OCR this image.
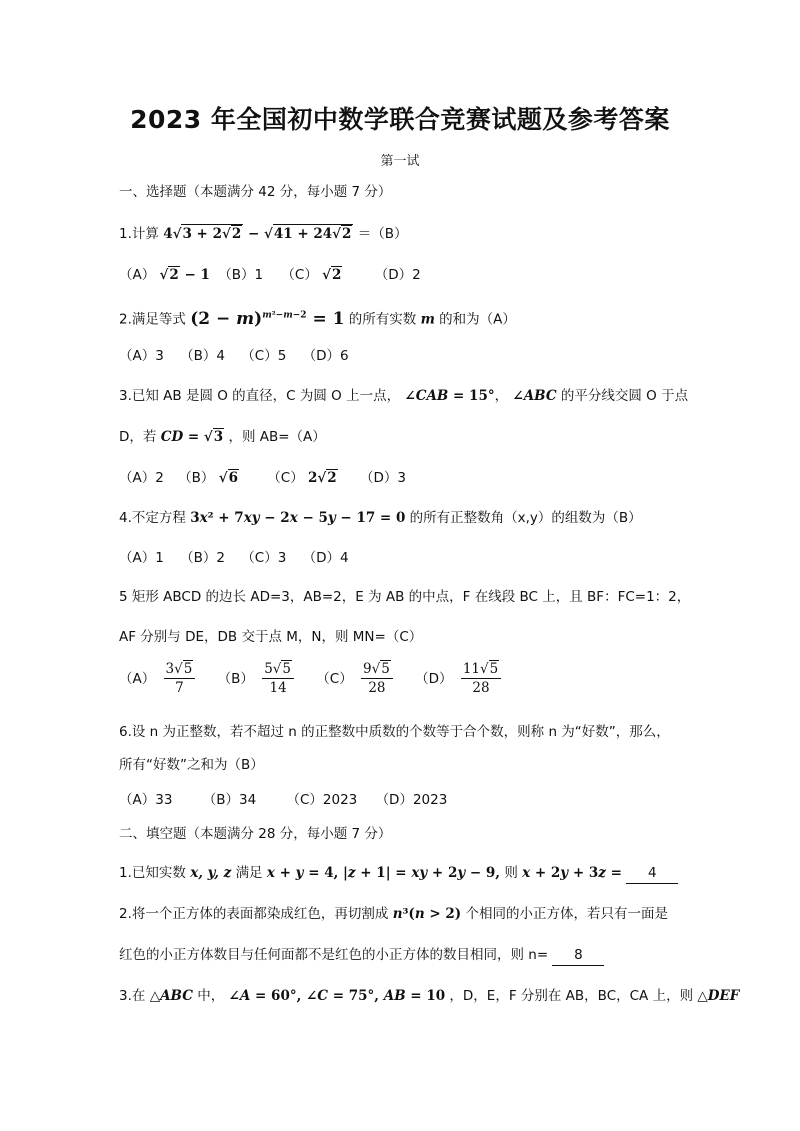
2023 年全国初中数学联合竞赛试题及参考答案
第一试
一、选择题（本题满分 42 分，每小题 7 分）
1.计算 4√3 + 2√2 − √41 + 24√2 ＝（B）
（A） √2 − 1 （B）1 （C） √2 （D）2
2.满足等式 $(2 - m)^{m^2-m-2} = 1$ 的所有实数 m 的和为（A）
（A）3 （B）4 （C）5 （D）6
3.已知 AB 是圆 O 的直径，C 为圆 O 上一点， ∠CAB = 15°， ∠ABC 的平分线交圆 O 于点
D，若 CD = √3 ，则 AB=（A）
（A）2 （B） √6 （C） 2√2 （D）3
4.不定方程 3x² + 7xy − 2x − 5y − 17 = 0 的所有正整数角（x,y）的组数为（B）
（A）1 （B）2 （C）3 （D）4
5 矩形 ABCD 的边长 AD=3，AB=2，E 为 AB 的中点，F 在线段 BC 上，且 BF：FC=1：2，
AF 分别与 DE，DB 交于点 M，N，则 MN=（C）
$(A) \frac{3√5}{7} (B) \frac{5√5}{14} (C) \frac{9√5}{28} (D) \frac{11√5}{28}$
6.设 n 为正整数，若不超过 n 的正整数中质数的个数等于合个数，则称 n 为“好数”，那么，
所有“好数”之和为（B）
（A）33 （B）34 （C）2023 （D）2023
二、填空题（本题满分 28 分，每小题 7 分）
1.已知实数 x, y, z 满足 x + y = 4, |z + 1| = xy + 2y − 9, 则 x + 2y + 3z = 4
2.将一个正方体的表面都染成红色，再切割成 n³(n > 2) 个相同的小正方体，若只有一面是
红色的小正方体数目与任何面都不是红色的小正方体的数目相同，则 n= 8
3.在 △ABC 中， ∠A = 60°, ∠C = 75°, AB = 10 ，D，E，F 分别在 AB，BC，CA 上，则 △DEF
